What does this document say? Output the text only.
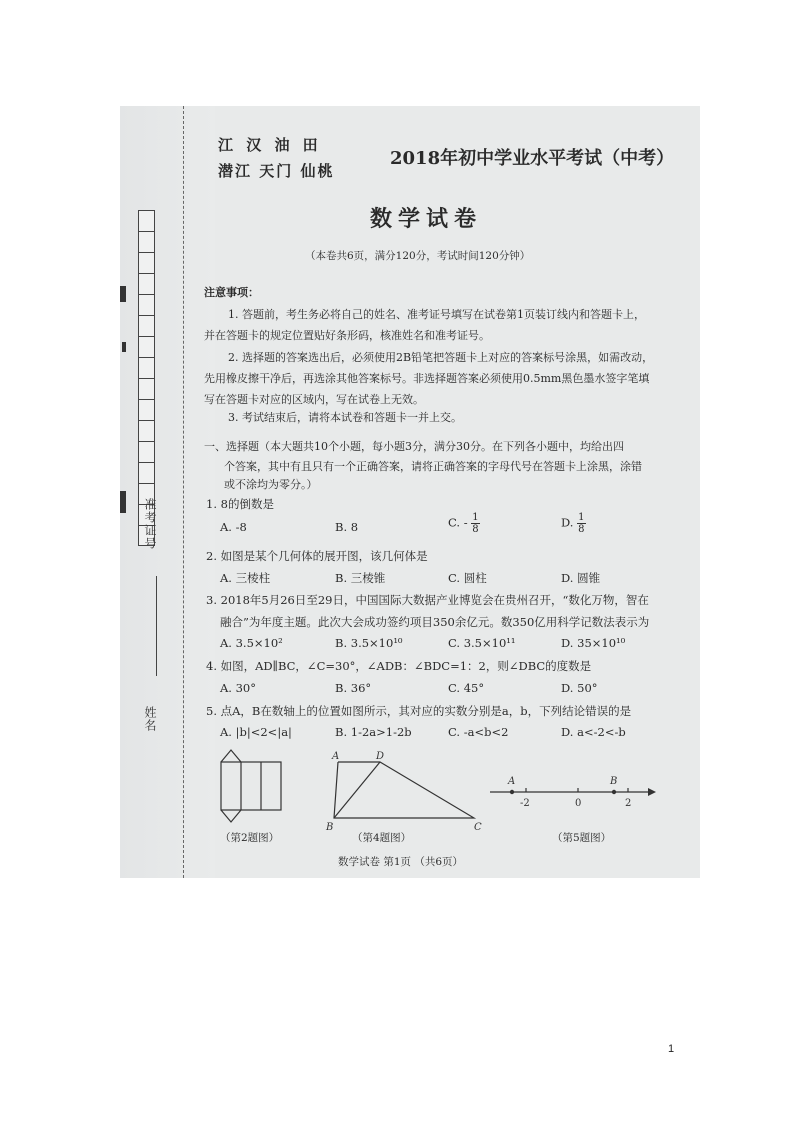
准考证号
姓名
江 汉 油 田
潜江 天门 仙桃
2018年初中学业水平考试（中考）
数学试卷
（本卷共6页，满分120分，考试时间120分钟）
注意事项：
1. 答题前，考生务必将自己的姓名、准考证号填写在试卷第1页装订线内和答题卡上，
并在答题卡的规定位置贴好条形码，核准姓名和准考证号。
2. 选择题的答案选出后，必须使用2B铅笔把答题卡上对应的答案标号涂黑，如需改动，
先用橡皮擦干净后，再选涂其他答案标号。非选择题答案必须使用0.5mm黑色墨水签字笔填
写在答题卡对应的区域内，写在试卷上无效。
3. 考试结束后，请将本试卷和答题卡一并上交。
一、选择题（本大题共10个小题，每小题3分，满分30分。在下列各小题中，均给出四
个答案，其中有且只有一个正确答案，请将正确答案的字母代号在答题卡上涂黑，涂错
或不涂均为零分。）
1. 8的倒数是
A. -8	B. 8	C. - $\frac{1}{8}$	D. $\frac{1}{8}$
2. 如图是某个几何体的展开图，该几何体是
A. 三棱柱	B. 三棱锥	C. 圆柱	D. 圆锥
3. 2018年5月26日至29日，中国国际大数据产业博览会在贵州召开，“数化万物，智在
融合”为年度主题。此次大会成功签约项目350余亿元。数350亿用科学记数法表示为
A. 3.5×10²	B. 3.5×10¹⁰	C. 3.5×10¹¹	D. 35×10¹⁰
4. 如图，AD∥BC，∠C=30°，∠ADB：∠BDC=1：2，则∠DBC的度数是
A. 30°	B. 36°	C. 45°	D. 50°
5. 点A，B在数轴上的位置如图所示，其对应的实数分别是a，b，下列结论错误的是
A. |b|<2<|a|	B. 1-2a>1-2b	C. -a<b<2	D. a<-2<-b
（第2题图）
A	D
B	C
（第4题图）
A	B
-2	0	2
（第5题图）
数学试卷 第1页 （共6页）
1
